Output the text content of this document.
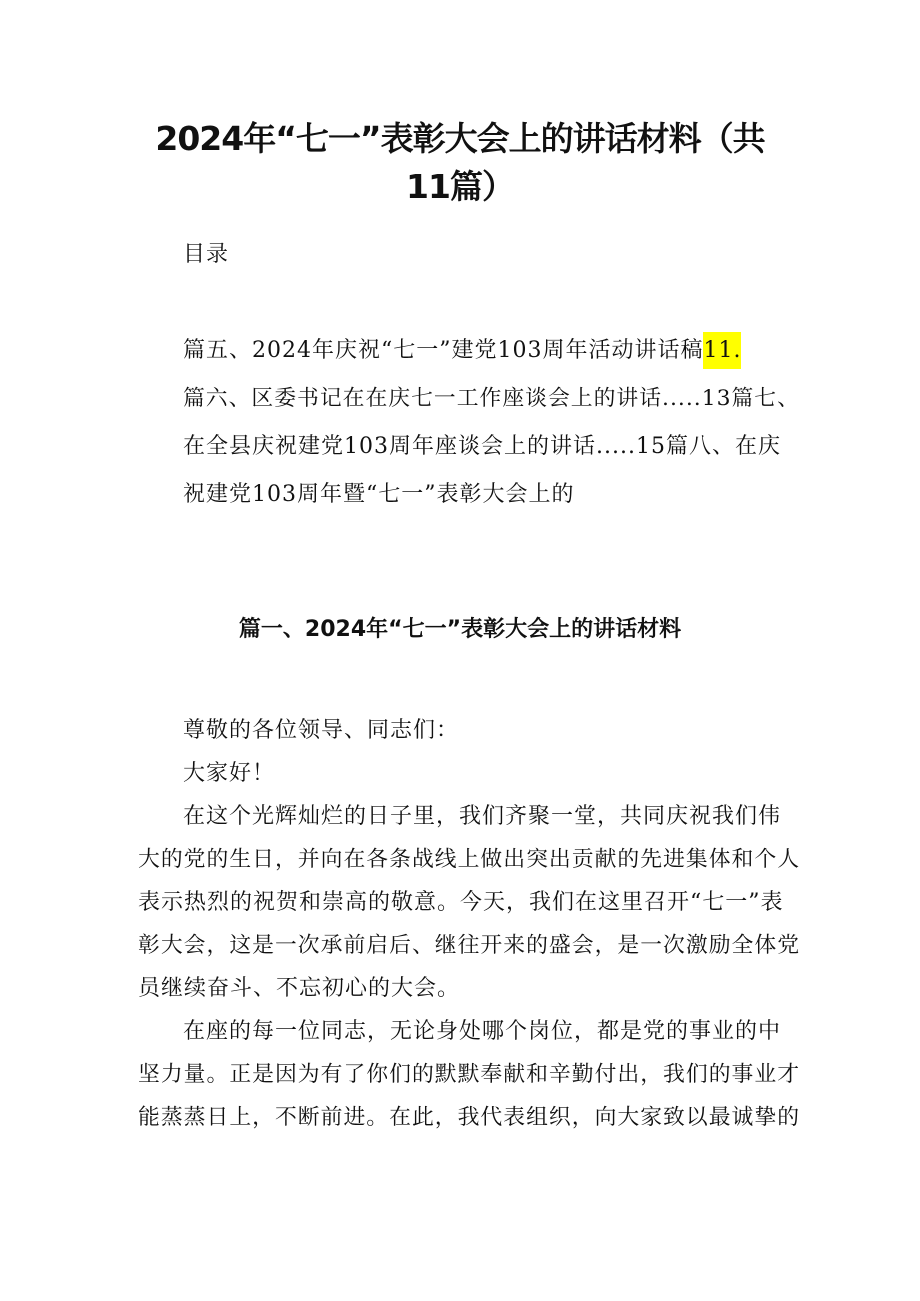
2024年“七一”表彰大会上的讲话材料（共
11篇）
目录
篇五、2024年庆祝“七一”建党103周年活动讲话稿11.
篇六、区委书记在在庆七一工作座谈会上的讲话.....13篇七、
在全县庆祝建党103周年座谈会上的讲话.....15篇八、在庆
祝建党103周年暨“七一”表彰大会上的
篇一、2024年“七一”表彰大会上的讲话材料
尊敬的各位领导、同志们：
大家好！
在这个光辉灿烂的日子里，我们齐聚一堂，共同庆祝我们伟
大的党的生日，并向在各条战线上做出突出贡献的先进集体和个人
表示热烈的祝贺和崇高的敬意。今天，我们在这里召开“七一”表
彰大会，这是一次承前启后、继往开来的盛会，是一次激励全体党
员继续奋斗、不忘初心的大会。
在座的每一位同志，无论身处哪个岗位，都是党的事业的中
坚力量。正是因为有了你们的默默奉献和辛勤付出，我们的事业才
能蒸蒸日上，不断前进。在此，我代表组织，向大家致以最诚挚的
